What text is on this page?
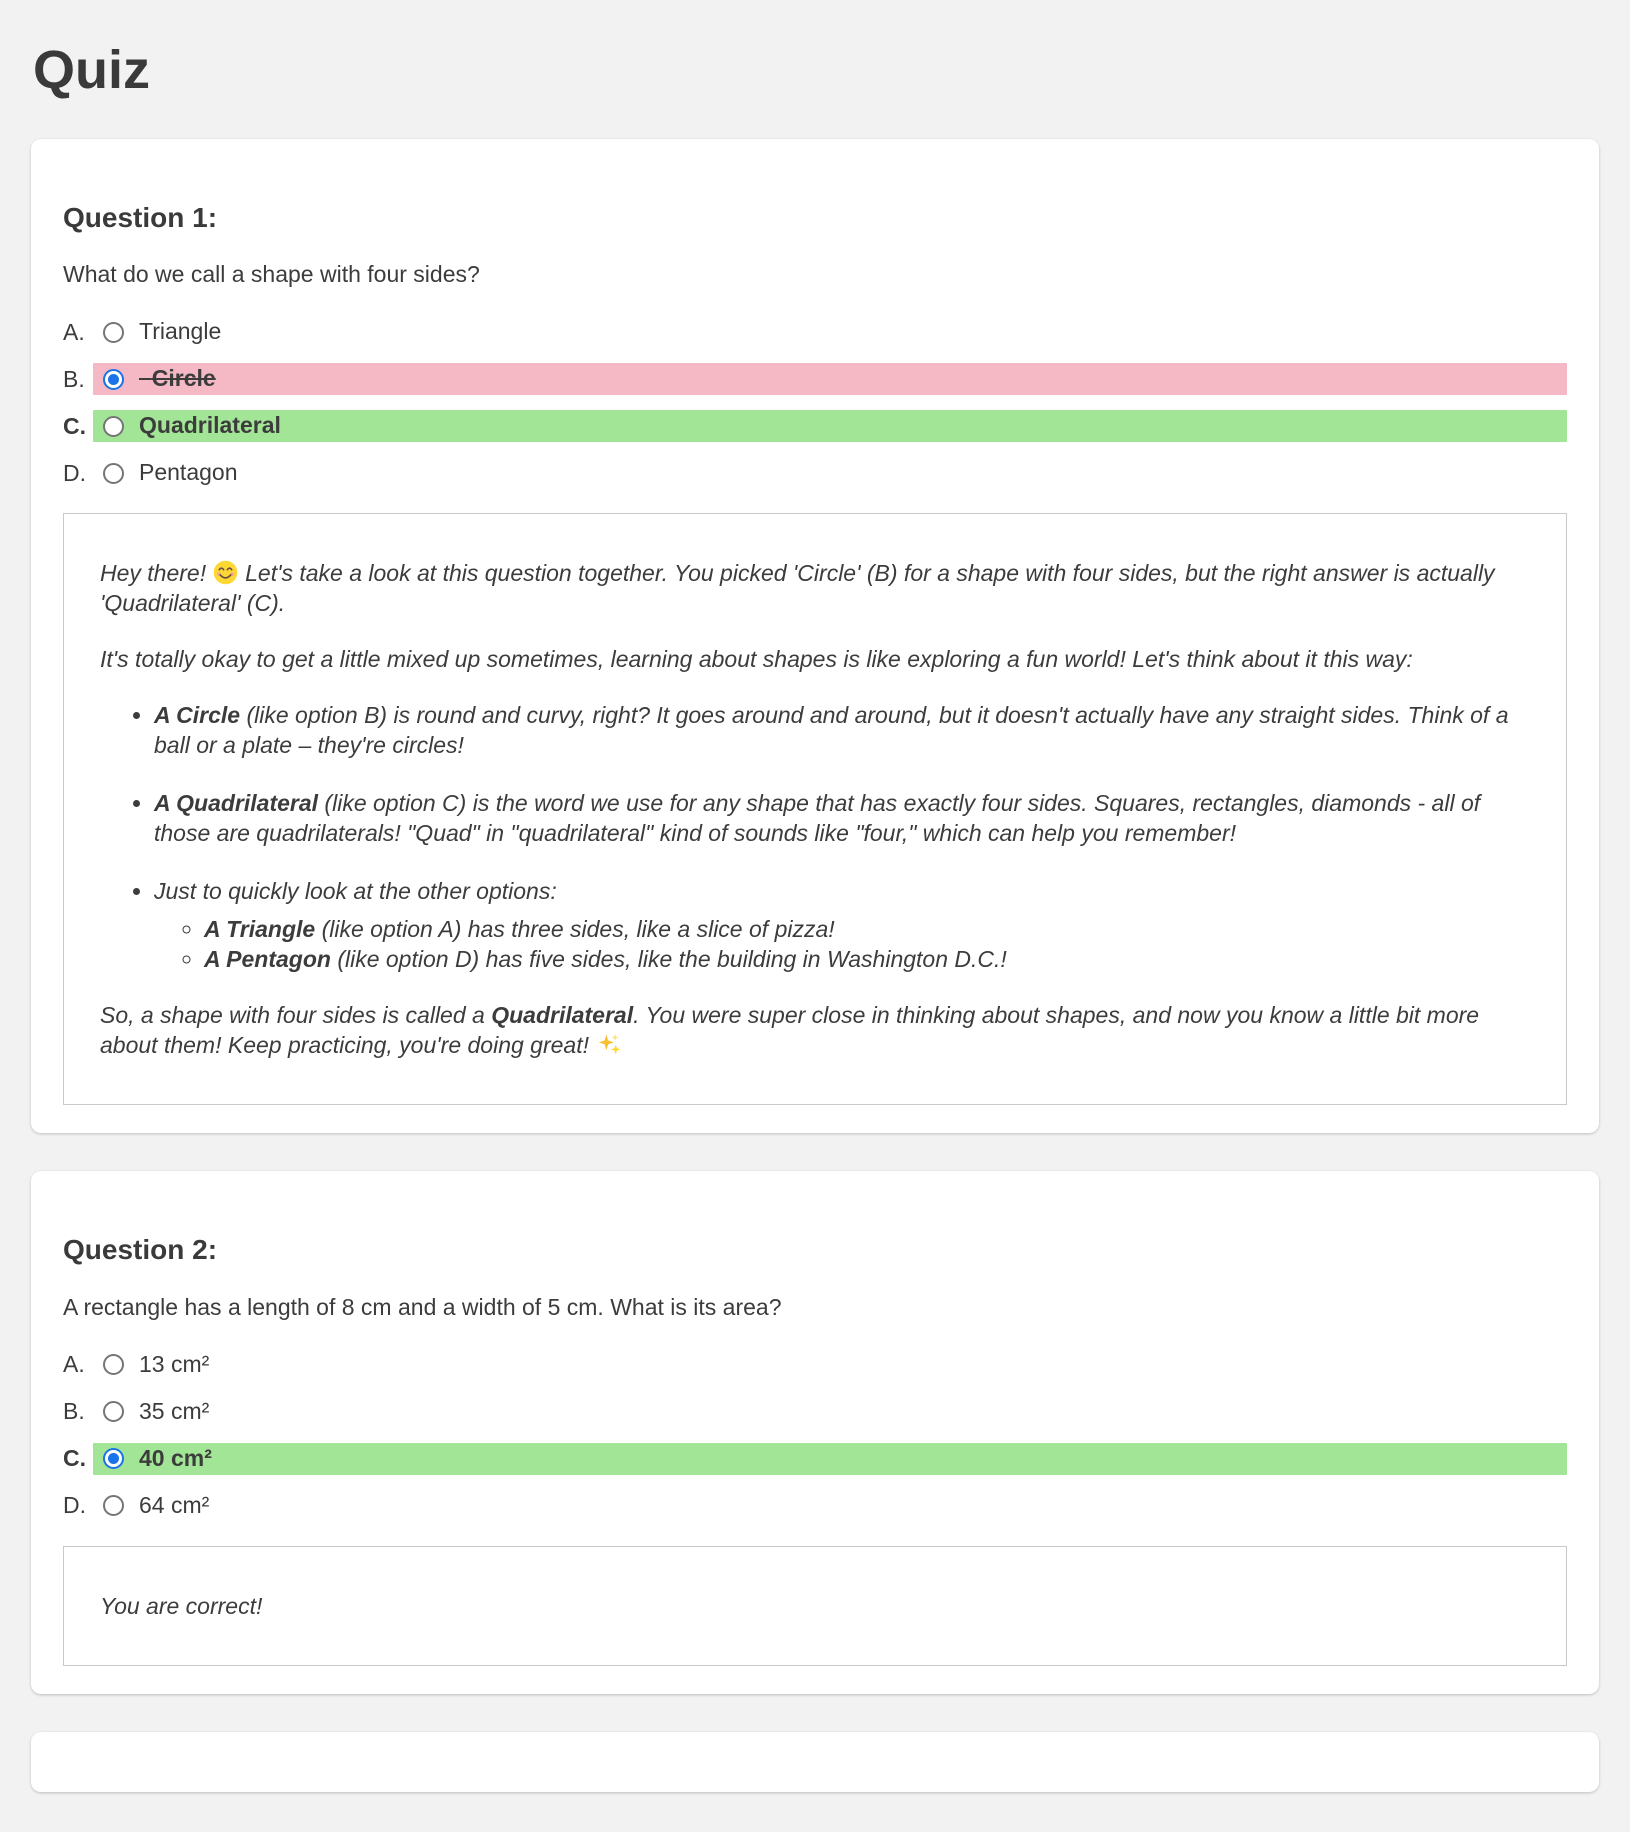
Quiz
Question 1:

What do we call a shape with four sides?

A.	Triangle
B.	Circle
C.	Quadrilateral
D.	Pentagon

Hey there! Let's take a look at this question together. You picked 'Circle' (B) for a shape with four sides, but the right answer is actually 'Quadrilateral' (C).

It's totally okay to get a little mixed up sometimes, learning about shapes is like exploring a fun world! Let's think about it this way:

• A Circle (like option B) is round and curvy, right? It goes around and around, but it doesn't actually have any straight sides. Think of a ball or a plate – they're circles!
• A Quadrilateral (like option C) is the word we use for any shape that has exactly four sides. Squares, rectangles, diamonds - all of those are quadrilaterals! "Quad" in "quadrilateral" kind of sounds like "four," which can help you remember!
• Just to quickly look at the other options:
◦ A Triangle (like option A) has three sides, like a slice of pizza!
◦ A Pentagon (like option D) has five sides, like the building in Washington D.C.!

So, a shape with four sides is called a Quadrilateral. You were super close in thinking about shapes, and now you know a little bit more about them! Keep practicing, you're doing great!

Question 2:

A rectangle has a length of 8 cm and a width of 5 cm. What is its area?

A.	13 cm²
B.	35 cm²
C.	40 cm²
D.	64 cm²

You are correct!
